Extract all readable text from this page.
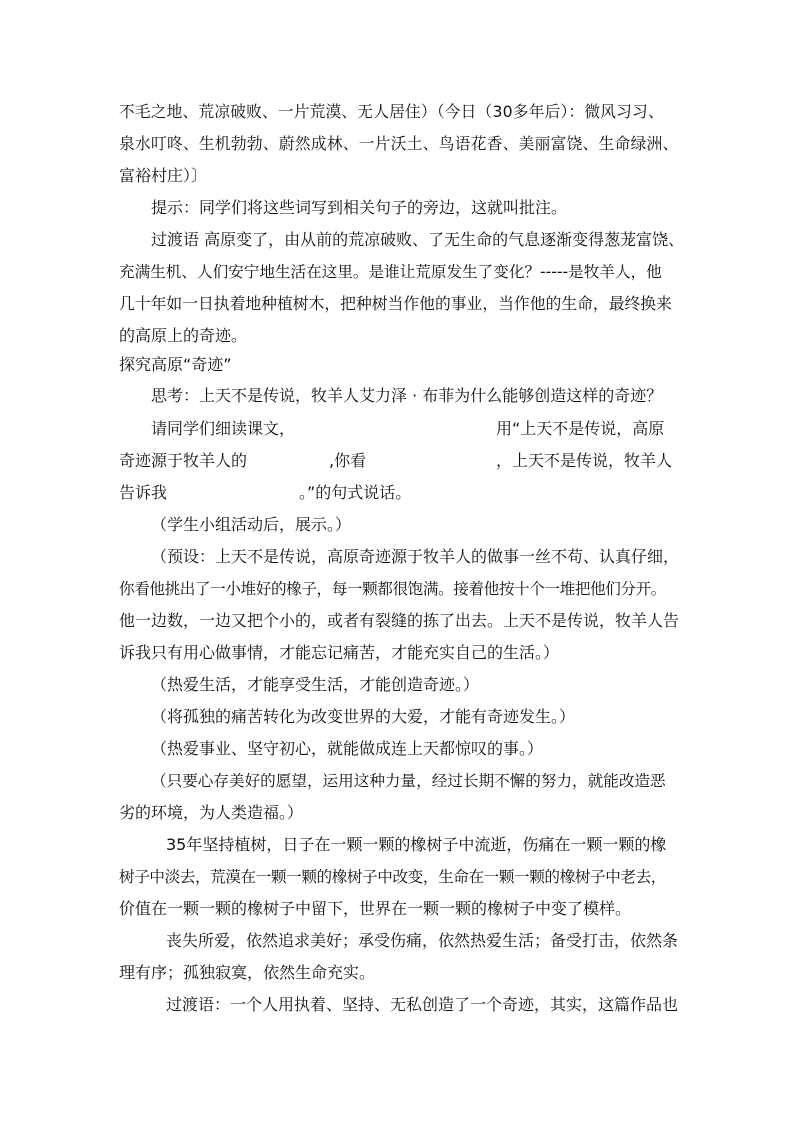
不毛之地、荒凉破败、一片荒漠、无人居住）（今日（30多年后）：微风习习、
泉水叮咚、生机勃勃、蔚然成林、一片沃土、鸟语花香、美丽富饶、生命绿洲、
富裕村庄）〕
提示：同学们将这些词写到相关句子的旁边，这就叫批注。
过渡语 高原变了，由从前的荒凉破败、了无生命的气息逐渐变得葱茏富饶、
充满生机、人们安宁地生活在这里。是谁让荒原发生了变化？-----是牧羊人，他
几十年如一日执着地种植树木，把种树当作他的事业，当作他的生命，最终换来
的高原上的奇迹。
探究高原“奇迹”
思考：上天不是传说，牧羊人艾力泽 · 布菲为什么能够创造这样的奇迹？
请同学们细读课文，	用“上天不是传说，高原
奇迹源于牧羊人的	,你看	，上天不是传说，牧羊人
告诉我	。”的句式说话。
（学生小组活动后，展示。）
（预设：上天不是传说，高原奇迹源于牧羊人的做事一丝不苟、认真仔细，
你看他挑出了一小堆好的橡子，每一颗都很饱满。接着他按十个一堆把他们分开。
他一边数，一边又把个小的，或者有裂缝的拣了出去。上天不是传说，牧羊人告
诉我只有用心做事情，才能忘记痛苦，才能充实自己的生活。）
（热爱生活，才能享受生活，才能创造奇迹。）
（将孤独的痛苦转化为改变世界的大爱，才能有奇迹发生。）
（热爱事业、坚守初心，就能做成连上天都惊叹的事。）
（只要心存美好的愿望，运用这种力量，经过长期不懈的努力，就能改造恶
劣的环境，为人类造福。）
35年坚持植树，日子在一颗一颗的橡树子中流逝，伤痛在一颗一颗的橡
树子中淡去，荒漠在一颗一颗的橡树子中改变，生命在一颗一颗的橡树子中老去，
价值在一颗一颗的橡树子中留下，世界在一颗一颗的橡树子中变了模样。
丧失所爱，依然追求美好；承受伤痛，依然热爱生活；备受打击，依然条
理有序；孤独寂寞，依然生命充实。
过渡语：一个人用执着、坚持、无私创造了一个奇迹，其实，这篇作品也
